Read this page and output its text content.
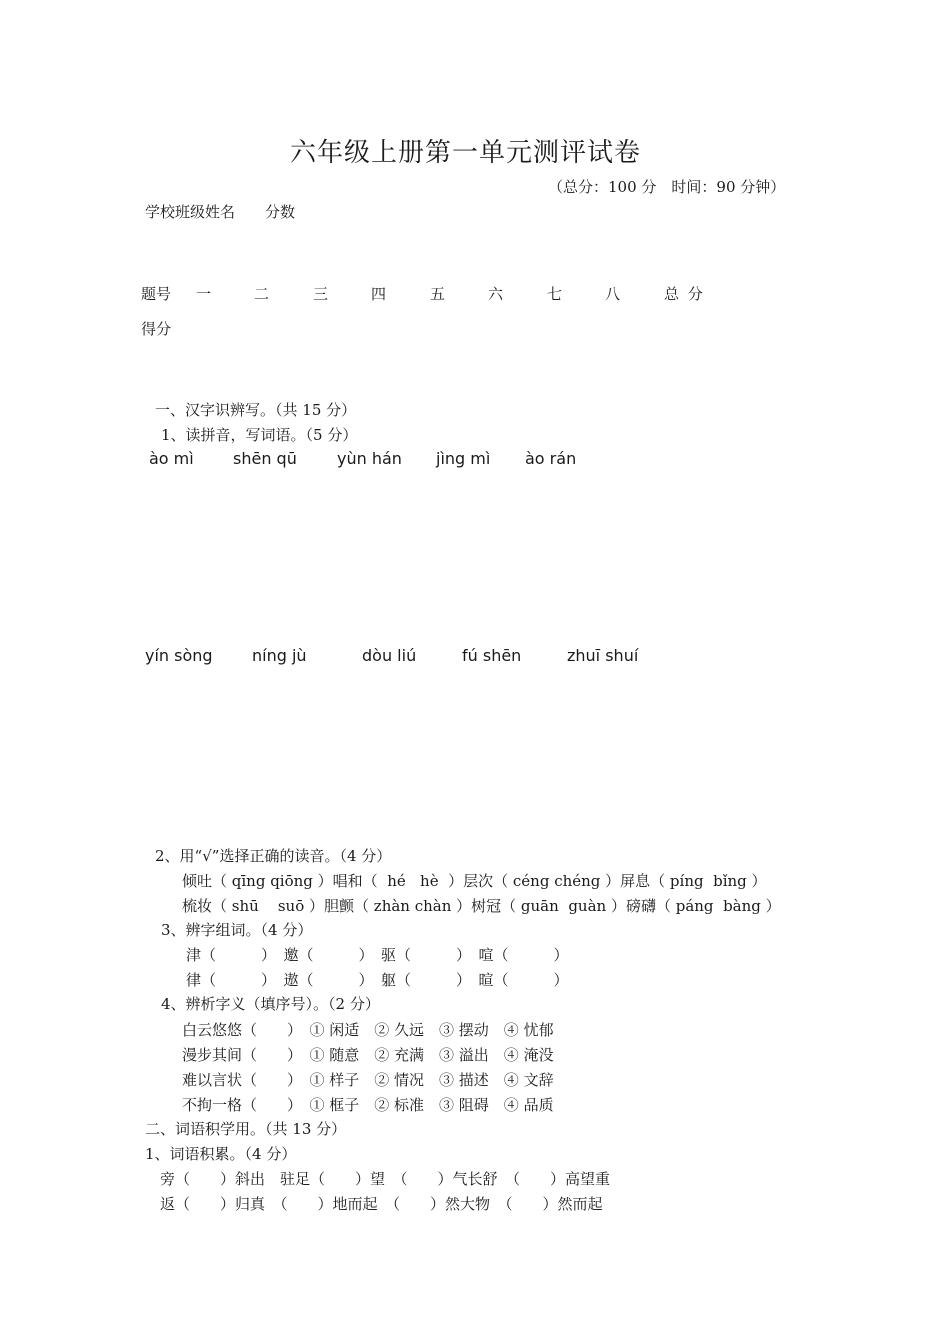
六年级上册第一单元测评试卷
（总分：100 分　时间：90 分钟）
学校班级姓名　　分数
题号 一	二	三	四	五	六	七	八	总 分
得分
一、汉字识辨写。（共 15 分）
1、读拼音，写词语。（5 分）
ào mì shēn qū	yùn hán jìng mì ào rán
yín sòng níng jù	dòu liú	fú shēn	zhuī shuí
2、用“√”选择正确的读音。（4 分）
倾吐（ qīng qiōng ）唱和（  hé   hè  ）层次（ céng chéng ）屏息（ píng  bǐng ）
梳妆（ shū    suō ）胆颤（ zhàn chàn ）树冠（ guān  guàn ）磅礴（ páng  bàng ）
3、辨字组词。（4 分）
津（　　　）　邀（　　　）　驱（　　　）　喧（　　　）
律（　　　）　遨（　　　）　躯（　　　）　暄（　　　）
4、辨析字义（填序号）。（2 分）
白云悠悠（　　）　① 闲适　② 久远　③ 摆动　④ 忧郁
漫步其间（　　）　① 随意　② 充满　③ 溢出　④ 淹没
难以言状（　　）　① 样子　② 情况　③ 描述　④ 文辞
不拘一格（　　）　① 框子　② 标准　③ 阻碍　④ 品质
二、词语积学用。（共 13 分）
1、词语积累。（4 分）
旁（　　）斜出　驻足（　　）望　（　　）气长舒　（　　）高望重
返（　　）归真　（　　）地而起　（　　）然大物　（　　）然而起
